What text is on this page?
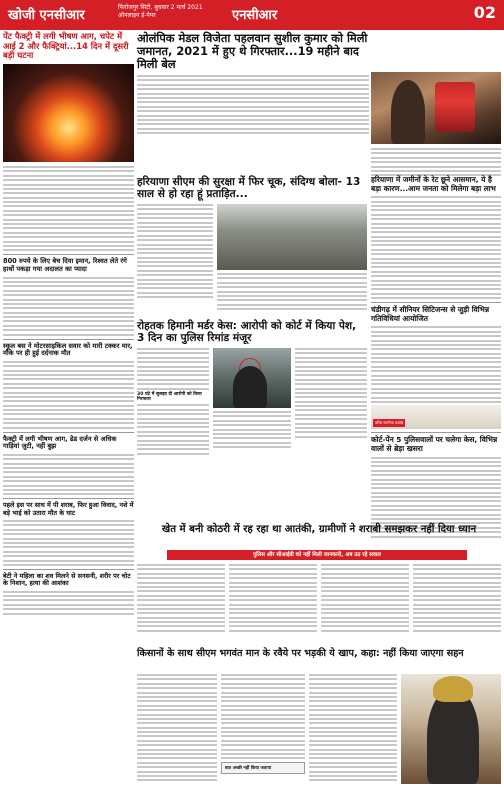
खोजी एनसीआर
फिरोजपुर सिटी, बुधवार 2 मार्च 2021
ऑनलाइन ई-पेपर	एनसीआर	02
पेंट फैक्ट्री में लगी भीषण आग, चपेट में आई 2 और फैक्ट्रियां...14 दिन में दूसरी बड़ी घटना
800 रुपये के लिए बेच दिया इमान, रिश्वत लेते रंगे हाथों पकड़ा गया अदालत का प्यादा
स्कूल बस ने मोटरसाइकिल सवार को मारी टक्कर मार, मौके पर ही हुई दर्दनाक मौत
फैक्ट्री में लगी भीषण आग, ढेड दर्जन से अधिक गाड़ियां जुटी, नहीं बुझ
पहले इस पर साथ में पी शराब, फिर हुआ विवाद, नशे में बड़े भाई को उतारा मौत के घाट
बेटी ने महिला का शव मिलने से सनसनी, शरीर पर चोट के निशान, हत्या की आशंका
ओलंपिक मेडल विजेता पहलवान सुशील कुमार को मिली जमानत, 2021 में हुए थे गिरफ्तार...19 महीने बाद मिली बेल
हरियाणा सीएम की सुरक्षा में फिर चूक, संदिग्ध बोला- 13 साल से हो रहा हूं प्रताड़ित...
रोहतक हिमानी मर्डर केस: आरोपी को कोर्ट में किया पेश, 3 दिन का पुलिस रिमांड मंजूर
30 घंटे में सुलझा दी आरोपी को किया गिरफ्तार
हरियाणा में जमीनों के रेट छूने आसमान, ये है बड़ा कारण...आम जनता को मिलेगा बड़ा लाभ
चंडीगढ़ में सीनियर सिटिजन्स से जुड़ी विभिन्न गतिविधियां आयोजित
वरिष्ठ नागरिक प्रकोष्ठ
कोर्ट-पेंन 5 पुलिसवालों पर चलेगा केस, विभिन्न वालों से ब्रेड़ा खसरा
खेत में बनी कोठरी में रह रहा था आतंकी, ग्रामीणों ने शराबी समझकर नहीं दिया ध्यान
पुलिस और सीआईडी को नहीं मिली जानकारी, अब उठ रहे सवाल
किसानों के साथ सीएम भगवंत मान के रवैये पर भड़की ये खाप, कहा: नहीं किया जाएगा सहन
बात अच्छी नहीं किया जताया
